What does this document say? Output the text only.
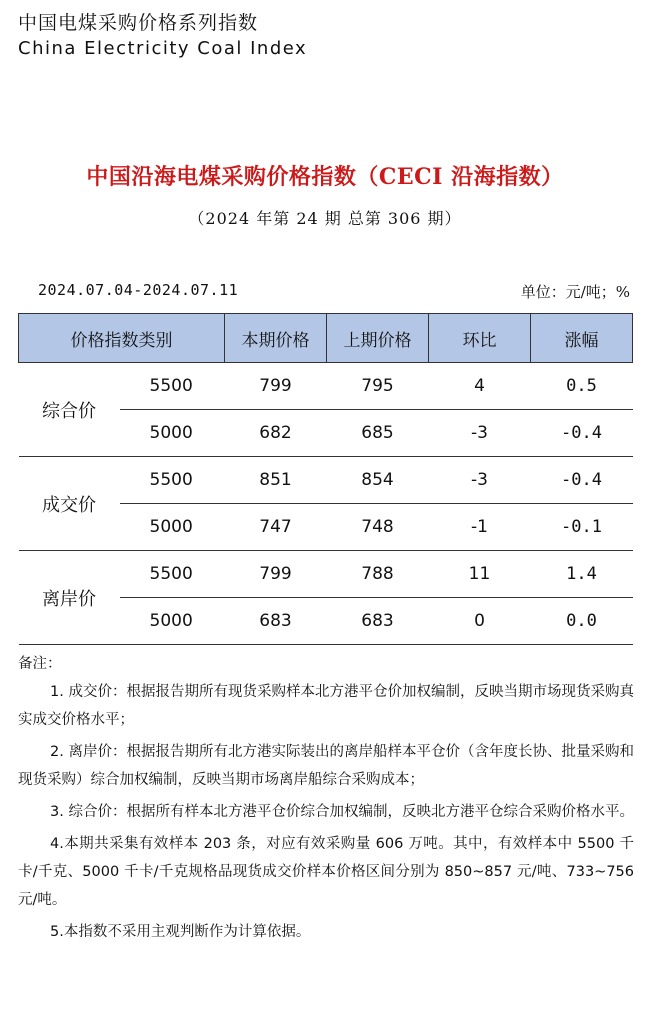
中国电煤采购价格系列指数
China Electricity Coal Index
中国沿海电煤采购价格指数（CECI 沿海指数）
（2024 年第 24 期 总第 306 期）
2024.07.04-2024.07.11	单位：元/吨；%
价格指数类别		本期价格	上期价格	环比	涨幅
综合价	5500	799	795	4	0.5
	5000	682	685	-3	-0.4
成交价	5500	851	854	-3	-0.4
	5000	747	748	-1	-0.1
离岸价	5500	799	788	11	1.4
	5000	683	683	0	0.0
备注：

1. 成交价：根据报告期所有现货采购样本北方港平仓价加权编制，反映当期市场现货采购真实成交价格水平；

2. 离岸价：根据报告期所有北方港实际装出的离岸船样本平仓价（含年度长协、批量采购和现货采购）综合加权编制，反映当期市场离岸船综合采购成本；

3. 综合价：根据所有样本北方港平仓价综合加权编制，反映北方港平仓综合采购价格水平。

4.本期共采集有效样本 203 条，对应有效采购量 606 万吨。其中，有效样本中 5500 千卡/千克、5000 千卡/千克规格品现货成交价样本价格区间分别为 850~857 元/吨、733~756 元/吨。

5.本指数不采用主观判断作为计算依据。
